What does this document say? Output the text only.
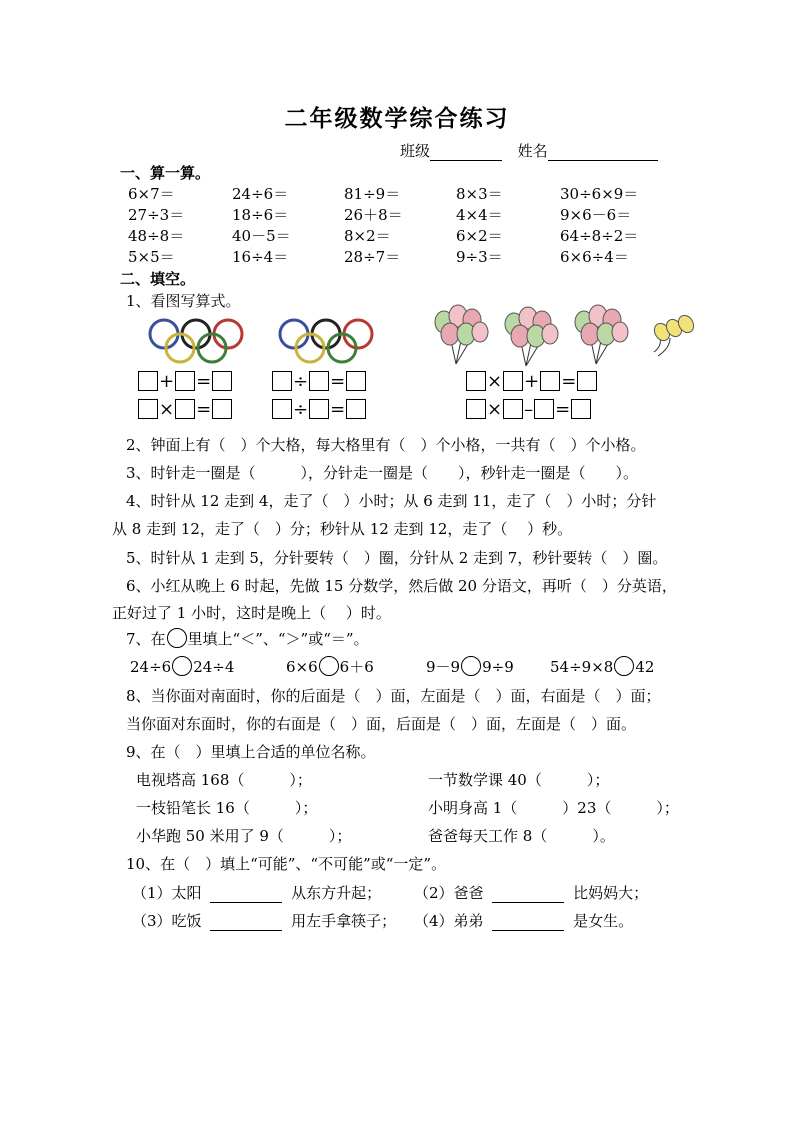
二年级数学综合练习
班级	姓名
一、算一算。
6×7＝	24÷6＝	81÷9＝	8×3＝	30÷6×9＝
27÷3＝	18÷6＝	26＋8＝	4×4＝	9×6－6＝
48÷8＝	40－5＝	8×2＝	6×2＝	64÷8÷2＝
5×5＝	16÷4＝	28÷7＝	9÷3＝	6×6÷4＝
二、填空。
1、看图写算式。
+ =
× =
÷ =
÷ =
× + =
× – =
2、钟面上有（　）个大格，每大格里有（　）个小格，一共有（　）个小格。
3、时针走一圈是（　　　），分针走一圈是（　　），秒针走一圈是（　　）。
4、时针从 12 走到 4，走了（　）小时；从 6 走到 11，走了（　）小时；分针
从 8 走到 12，走了（　）分；秒针从 12 走到 12，走了（　 ）秒。
5、时针从 1 走到 5，分针要转（　）圈，分针从 2 走到 7，秒针要转（　）圈。
6、小红从晚上 6 时起，先做 15 分数学，然后做 20 分语文，再听（　）分英语，
正好过了 1 小时，这时是晚上（　 ）时。
7、在 里填上“＜”、“＞”或“＝”。
24÷6 24÷4	6×6 6＋6	9－9 9÷9	54÷9×8 42
8、当你面对南面时，你的后面是（　）面，左面是（　）面，右面是（　）面；
当你面对东面时，你的右面是（　）面，后面是（　）面，左面是（　）面。
9、在（　）里填上合适的单位名称。
电视塔高 168（　　　）；	一节数学课 40（　　　）；
一枝铅笔长 16（　　　）；	小明身高 1（　　　）23（　　　）；
小华跑 50 米用了 9（　　　）；	爸爸每天工作 8（　　　）。
10、在（　）填上“可能”、“不可能”或“一定”。
（1）太阳	从东方升起； （2）爸爸	比妈妈大；
（3）吃饭	用左手拿筷子； （4）弟弟	是女生。
